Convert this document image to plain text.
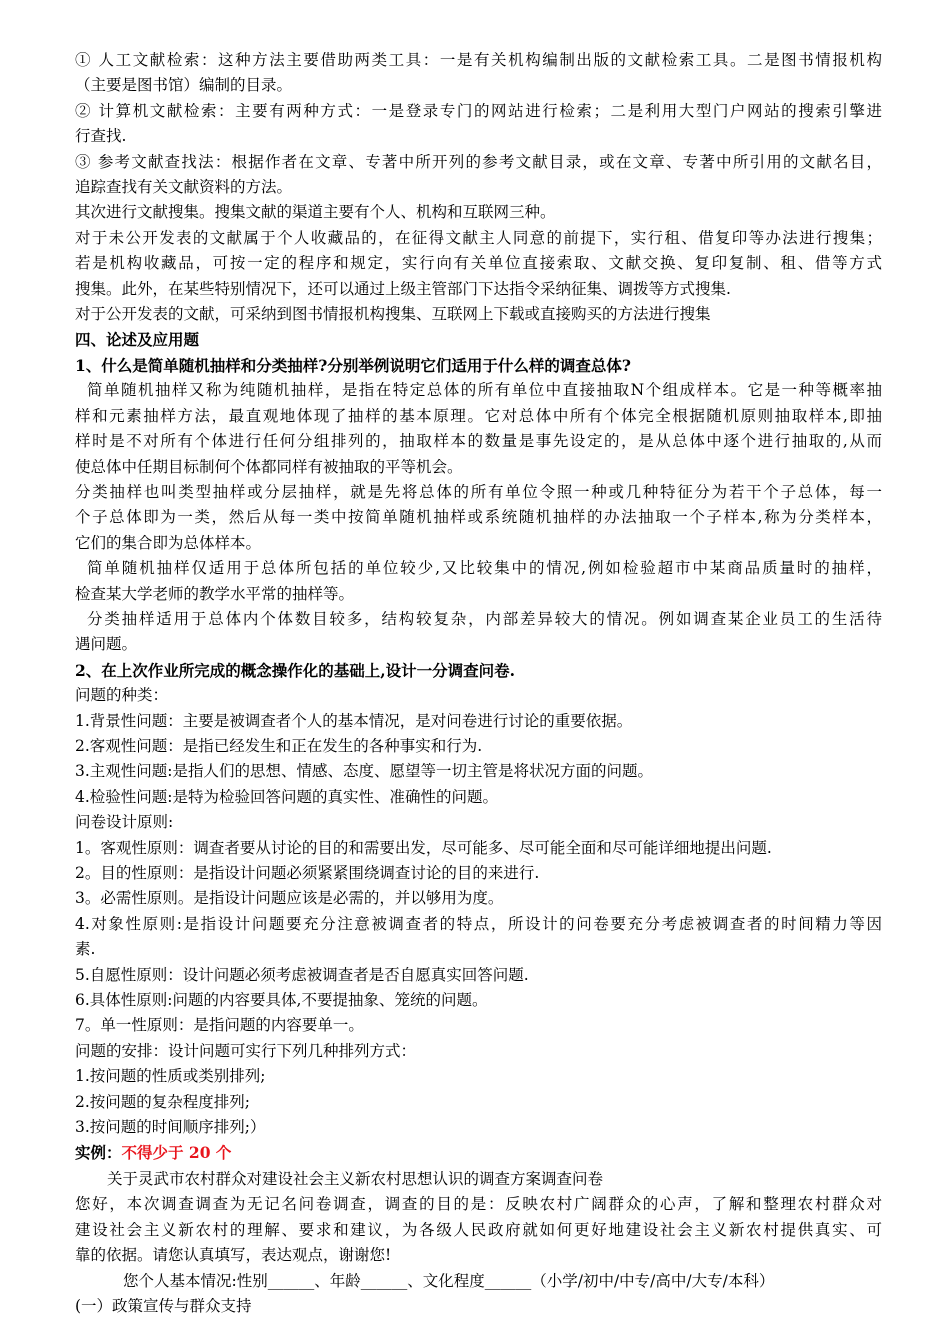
① 人工文献检索：这种方法主要借助两类工具：一是有关机构编制出版的文献检索工具。二是图书情报机构
（主要是图书馆）编制的目录。
② 计算机文献检索：主要有两种方式：一是登录专门的网站进行检索；二是利用大型门户网站的搜索引擎进
行查找.
③ 参考文献查找法：根据作者在文章、专著中所开列的参考文献目录，或在文章、专著中所引用的文献名目，
追踪查找有关文献资料的方法。
其次进行文献搜集。搜集文献的渠道主要有个人、机构和互联网三种。
对于未公开发表的文献属于个人收藏品的，在征得文献主人同意的前提下，实行租、借复印等办法进行搜集；
若是机构收藏品，可按一定的程序和规定，实行向有关单位直接索取、文献交换、复印复制、租、借等方式
搜集。此外，在某些特别情况下，还可以通过上级主管部门下达指令采纳征集、调拨等方式搜集.
对于公开发表的文献，可采纳到图书情报机构搜集、互联网上下载或直接购买的方法进行搜集
四、论述及应用题
1、什么是简单随机抽样和分类抽样?分别举例说明它们适用于什么样的调查总体?
简单随机抽样又称为纯随机抽样，是指在特定总体的所有单位中直接抽取N个组成样本。它是一种等概率抽
样和元素抽样方法，最直观地体现了抽样的基本原理。它对总体中所有个体完全根据随机原则抽取样本,即抽
样时是不对所有个体进行任何分组排列的，抽取样本的数量是事先设定的，是从总体中逐个进行抽取的,从而
使总体中任期目标制何个体都同样有被抽取的平等机会。
分类抽样也叫类型抽样或分层抽样，就是先将总体的所有单位令照一种或几种特征分为若干个子总体，每一
个子总体即为一类，然后从每一类中按简单随机抽样或系统随机抽样的办法抽取一个子样本,称为分类样本，
它们的集合即为总体样本。
简单随机抽样仅适用于总体所包括的单位较少,又比较集中的情况,例如检验超市中某商品质量时的抽样，
检查某大学老师的教学水平常的抽样等。
分类抽样适用于总体内个体数目较多，结构较复杂，内部差异较大的情况。例如调查某企业员工的生活待
遇问题。
2、在上次作业所完成的概念操作化的基础上,设计一分调查问卷.
问题的种类：
1.背景性问题：主要是被调查者个人的基本情况，是对问卷进行讨论的重要依据。
2.客观性问题：是指已经发生和正在发生的各种事实和行为.
3.主观性问题:是指人们的思想、情感、态度、愿望等一切主管是将状况方面的问题。
4.检验性问题:是特为检验回答问题的真实性、准确性的问题。
问卷设计原则:
1。客观性原则：调查者要从讨论的目的和需要出发，尽可能多、尽可能全面和尽可能详细地提出问题.
2。目的性原则：是指设计问题必须紧紧围绕调查讨论的目的来进行.
3。必需性原则。是指设计问题应该是必需的，并以够用为度。
4.对象性原则:是指设计问题要充分注意被调查者的特点，所设计的问卷要充分考虑被调查者的时间精力等因
素.
5.自愿性原则：设计问题必须考虑被调查者是否自愿真实回答问题.
6.具体性原则:问题的内容要具体,不要提抽象、笼统的问题。
7。单一性原则：是指问题的内容要单一。
问题的安排：设计问题可实行下列几种排列方式：
1.按问题的性质或类别排列;
2.按问题的复杂程度排列;
3.按问题的时间顺序排列;）
实例：不得少于 20 个
关于灵武市农村群众对建设社会主义新农村思想认识的调查方案调查问卷
您好，本次调查调查为无记名问卷调查，调查的目的是：反映农村广阔群众的心声，了解和整理农村群众对
建设社会主义新农村的理解、要求和建议，为各级人民政府就如何更好地建设社会主义新农村提供真实、可
靠的依据。请您认真填写，表达观点，谢谢您!
您个人基本情况:性别______、年龄______、文化程度______（小学/初中/中专/高中/大专/本科）
(一）政策宣传与群众支持
